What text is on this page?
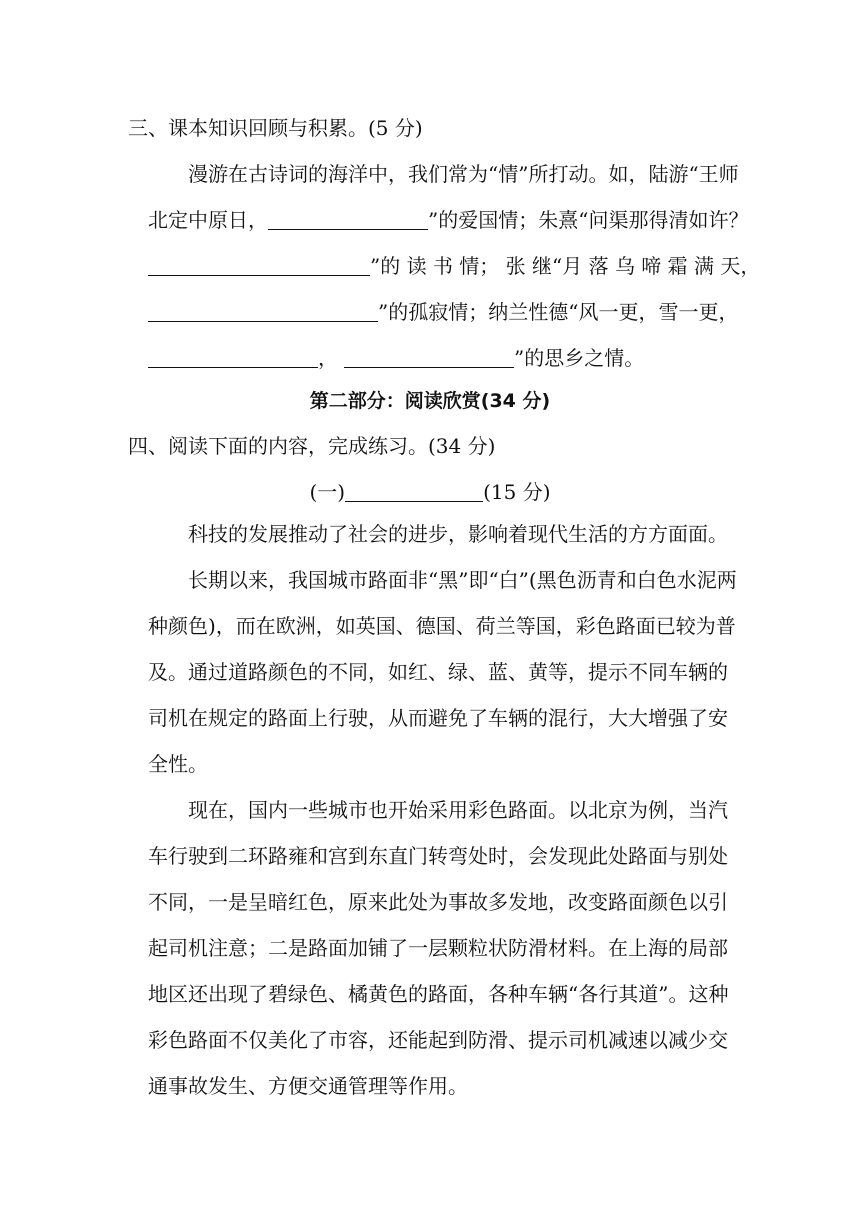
三、课本知识回顾与积累。(5 分)
漫游在古诗词的海洋中，我们常为“情”所打动。如，陆游“王师
北定中原日，	”的爱国情；朱熹“问渠那得清如许？
”的 读 书 情； 张 继“月 落 乌 啼 霜 满 天，
”的孤寂情；纳兰性德“风一更，雪一更，
，	”的思乡之情。
第二部分：阅读欣赏(34 分)
四、阅读下面的内容，完成练习。(34 分)
(一)	(15 分)
科技的发展推动了社会的进步，影响着现代生活的方方面面。
长期以来，我国城市路面非“黑”即“白”(黑色沥青和白色水泥两
种颜色)，而在欧洲，如英国、德国、荷兰等国，彩色路面已较为普
及。通过道路颜色的不同，如红、绿、蓝、黄等，提示不同车辆的
司机在规定的路面上行驶，从而避免了车辆的混行，大大增强了安
全性。
现在，国内一些城市也开始采用彩色路面。以北京为例，当汽
车行驶到二环路雍和宫到东直门转弯处时，会发现此处路面与别处
不同，一是呈暗红色，原来此处为事故多发地，改变路面颜色以引
起司机注意；二是路面加铺了一层颗粒状防滑材料。在上海的局部
地区还出现了碧绿色、橘黄色的路面，各种车辆“各行其道”。这种
彩色路面不仅美化了市容，还能起到防滑、提示司机减速以减少交
通事故发生、方便交通管理等作用。
